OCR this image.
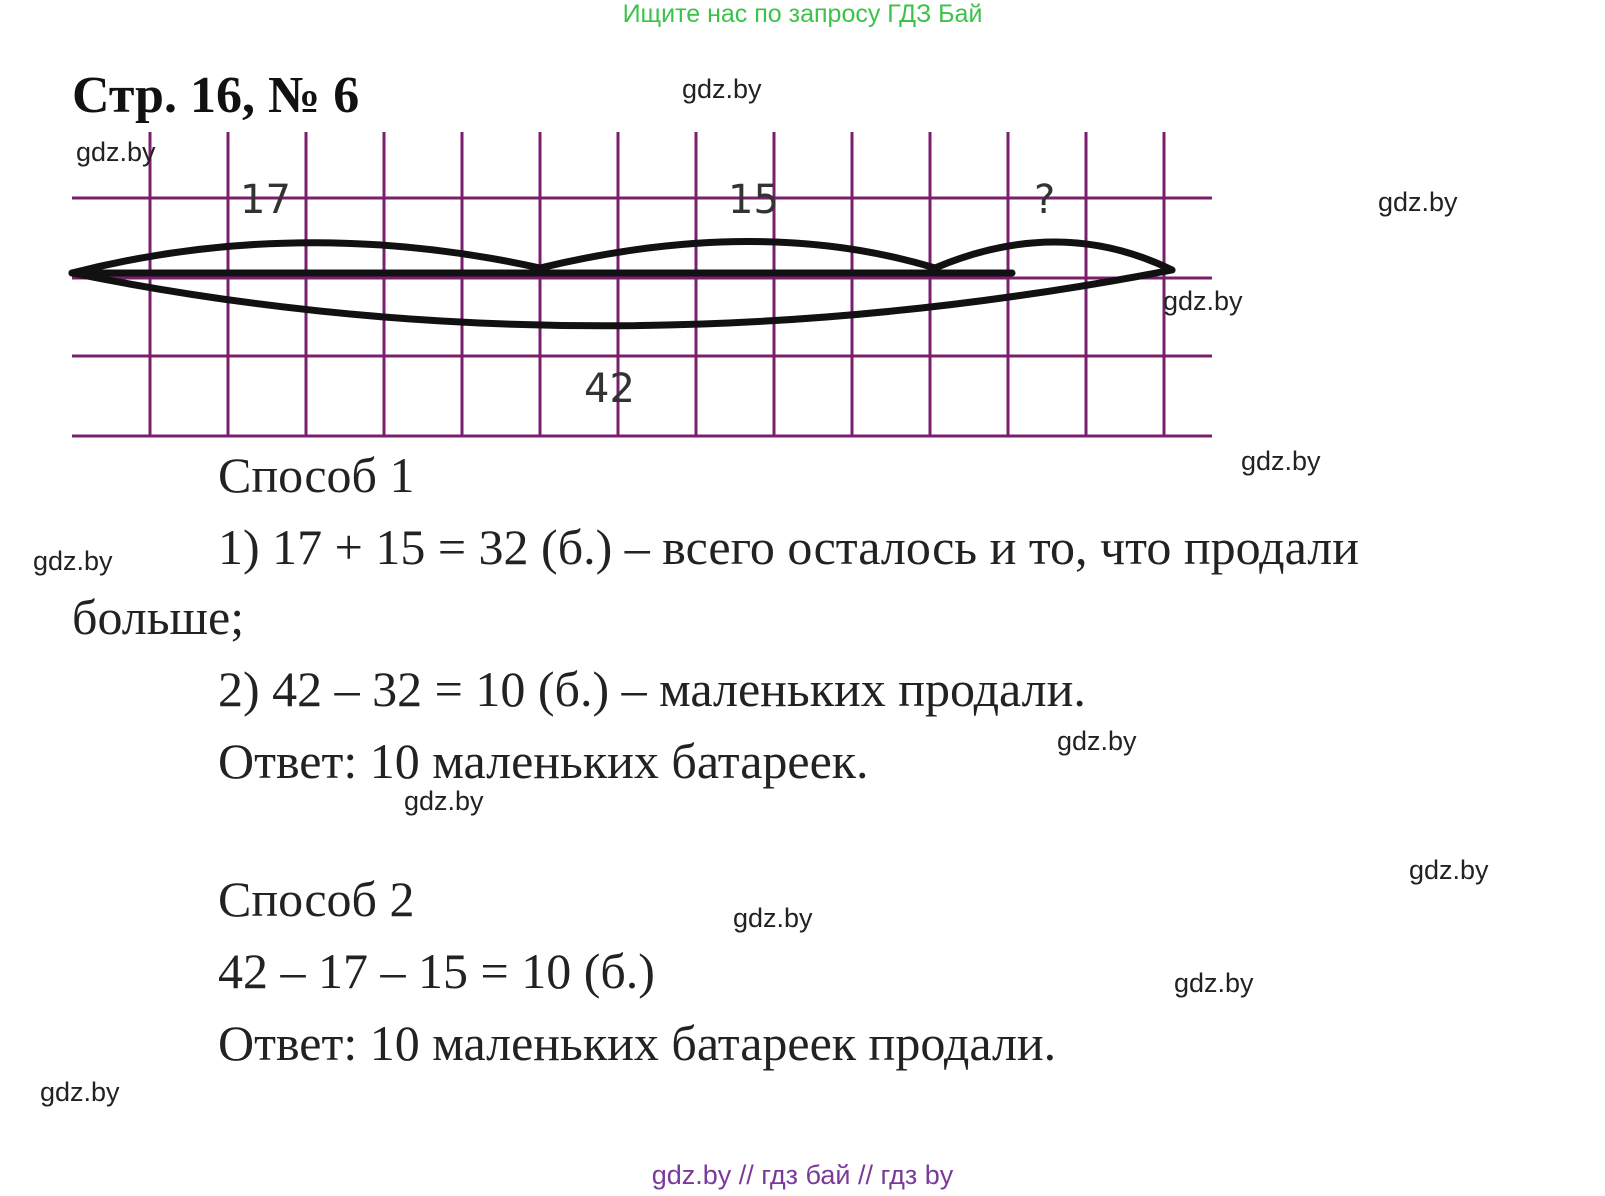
Ищите нас по запросу ГДЗ Бай
Стр. 16, № 6
17	15	?
42
Способ 1
1) 17 + 15 = 32 (б.) – всего осталось и то, что продали
больше;
2) 42 – 32 = 10 (б.) – маленьких продали.
Ответ: 10 маленьких батареек.
Способ 2
42 – 17 – 15 = 10 (б.)
Ответ: 10 маленьких батареек продали.
gdz.by
gdz.by
gdz.by
gdz.by
gdz.by
gdz.by
gdz.by
gdz.by
gdz.by
gdz.by
gdz.by
gdz.by
gdz.by // гдз бай // гдз by
